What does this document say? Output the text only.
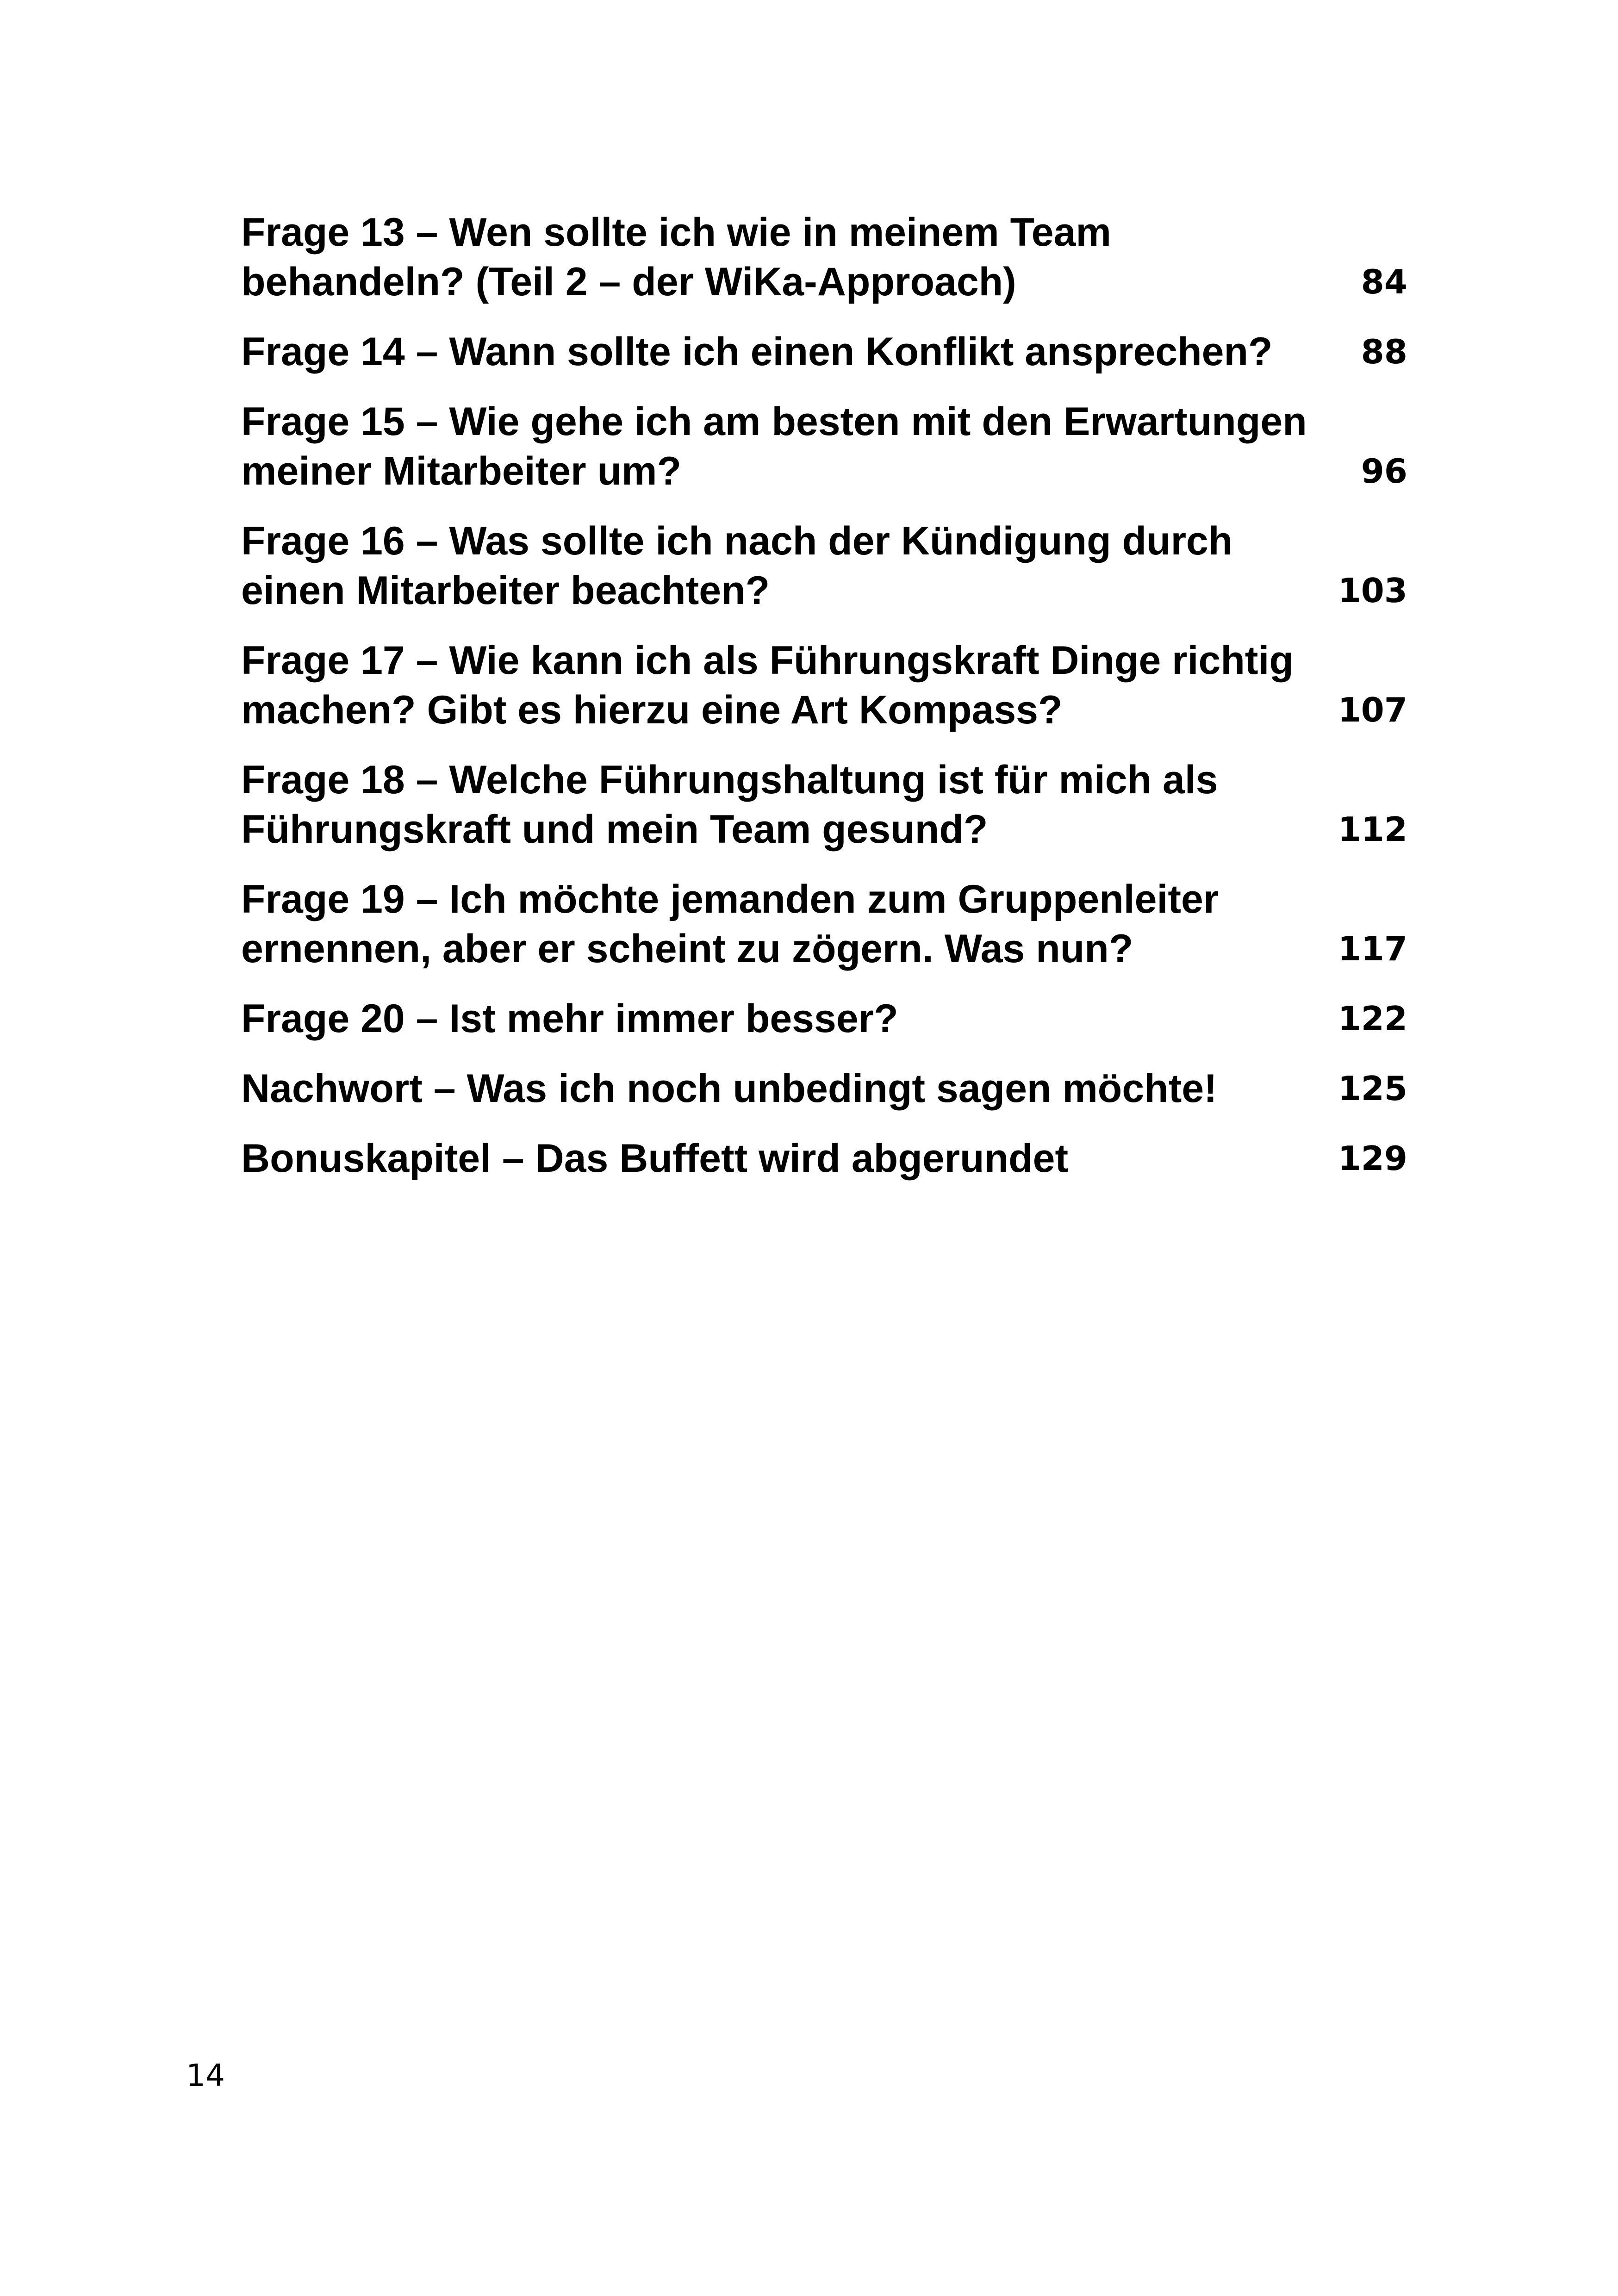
Frage 13 – Wen sollte ich wie in meinem Team
behandeln? (Teil 2 – der WiKa-Approach)	84
Frage 14 – Wann sollte ich einen Konflikt ansprechen?	88
Frage 15 – Wie gehe ich am besten mit den Erwartungen
meiner Mitarbeiter um?	96
Frage 16 – Was sollte ich nach der Kündigung durch
einen Mitarbeiter beachten?	103
Frage 17 – Wie kann ich als Führungskraft Dinge richtig
machen? Gibt es hierzu eine Art Kompass?	107
Frage 18 – Welche Führungshaltung ist für mich als
Führungskraft und mein Team gesund?	112
Frage 19 – Ich möchte jemanden zum Gruppenleiter
ernennen, aber er scheint zu zögern. Was nun?	117
Frage 20 – Ist mehr immer besser?	122
Nachwort – Was ich noch unbedingt sagen möchte!	125
Bonuskapitel – Das Buffett wird abgerundet	129
14
